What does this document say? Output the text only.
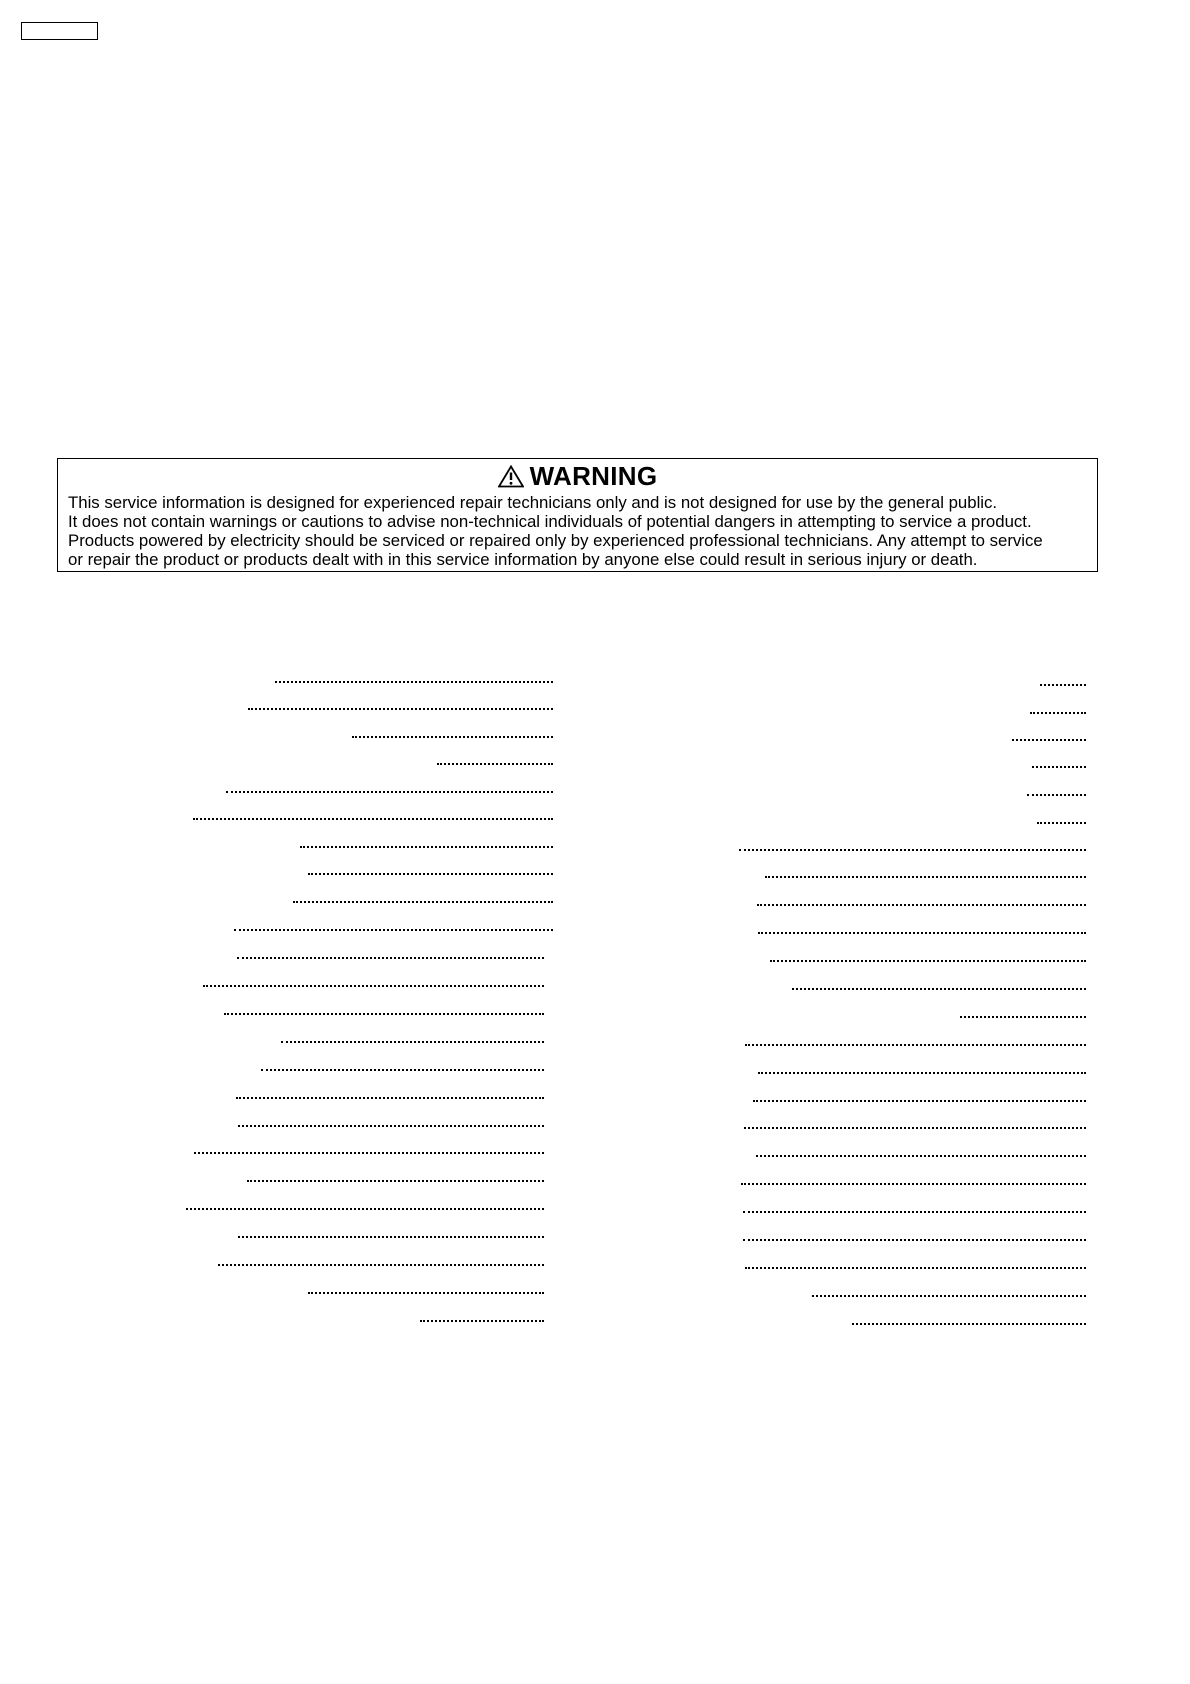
WARNING
This service information is designed for experienced repair technicians only and is not designed for use by the general public.
It does not contain warnings or cautions to advise non-technical individuals of potential dangers in attempting to service a product.
Products powered by electricity should be serviced or repaired only by experienced professional technicians. Any attempt to service
or repair the product or products dealt with in this service information by anyone else could result in serious injury or death.
